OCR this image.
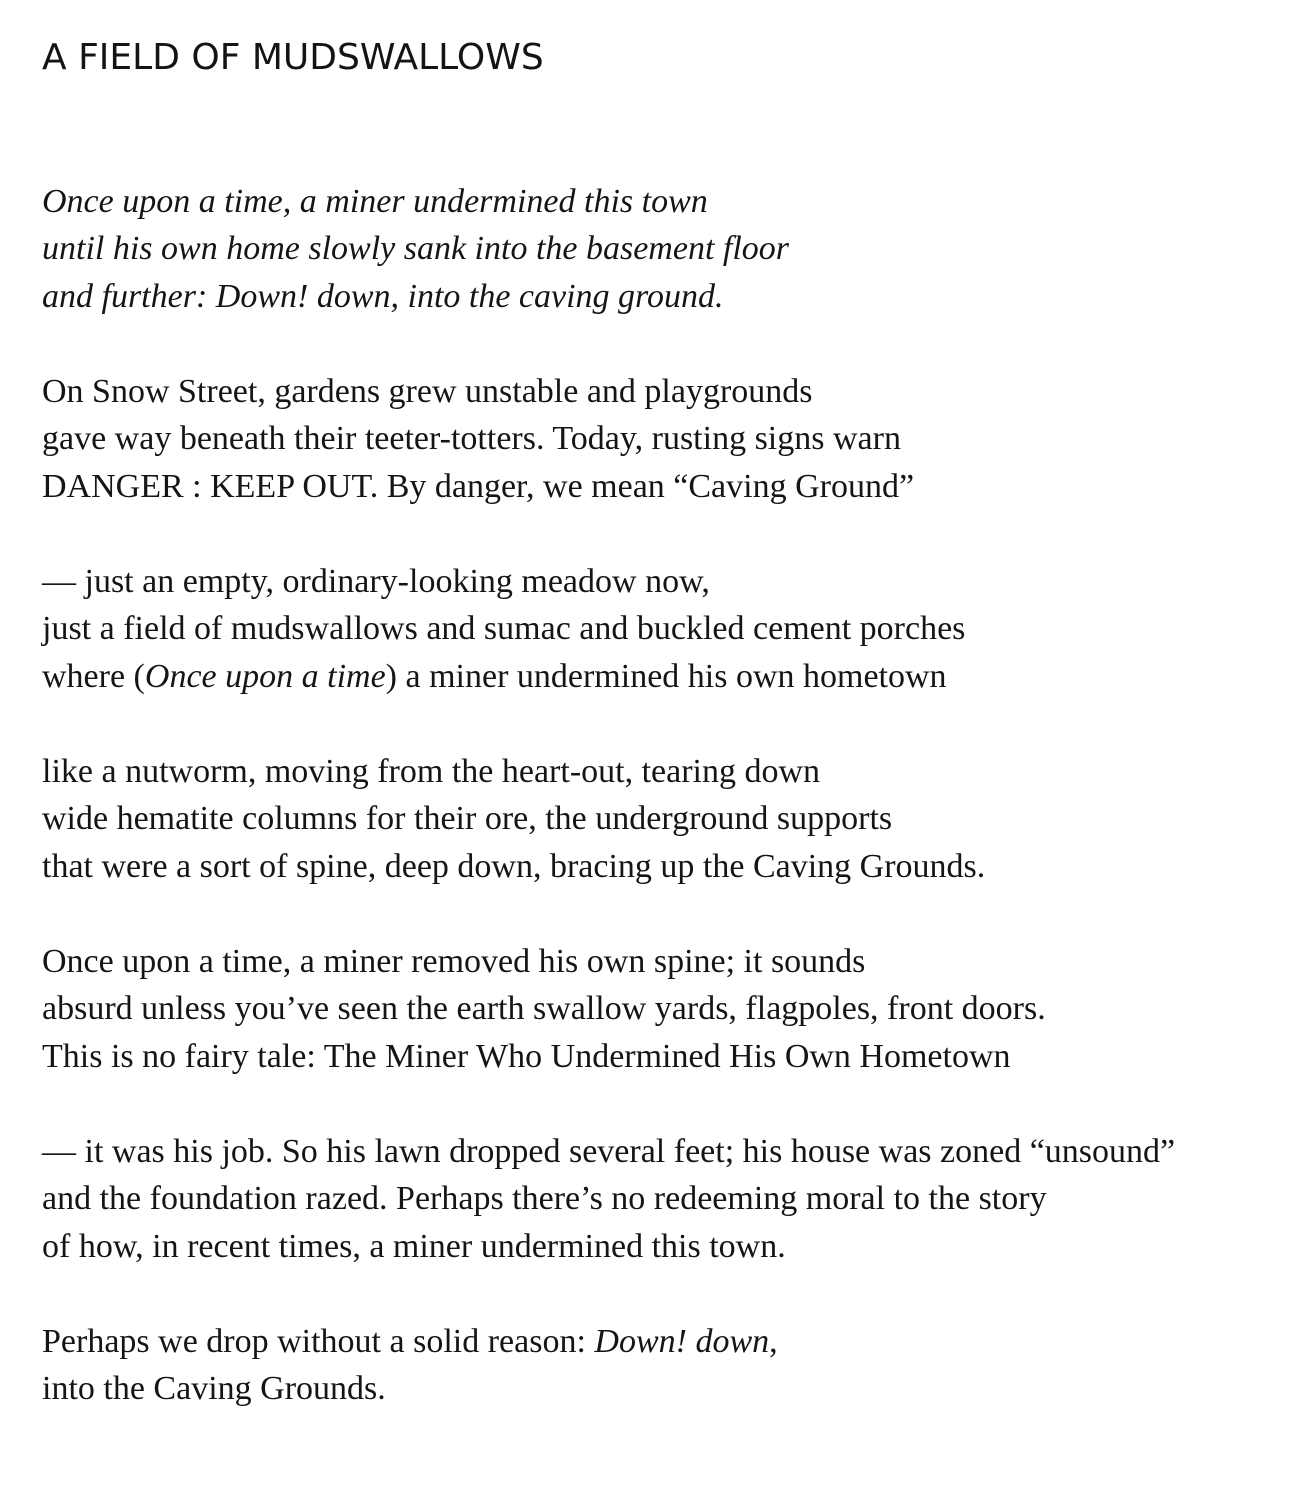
A FIELD OF MUDSWALLOWS

Once upon a time, a miner undermined this town
until his own home slowly sank into the basement floor
and further: Down! down, into the caving ground.

On Snow Street, gardens grew unstable and playgrounds
gave way beneath their teeter-totters. Today, rusting signs warn
DANGER : KEEP OUT. By danger, we mean “Caving Ground”

— just an empty, ordinary-looking meadow now,
just a field of mudswallows and sumac and buckled cement porches
where (Once upon a time) a miner undermined his own hometown

like a nutworm, moving from the heart-out, tearing down
wide hematite columns for their ore, the underground supports
that were a sort of spine, deep down, bracing up the Caving Grounds.

Once upon a time, a miner removed his own spine; it sounds
absurd unless you’ve seen the earth swallow yards, flagpoles, front doors.
This is no fairy tale: The Miner Who Undermined His Own Hometown

— it was his job. So his lawn dropped several feet; his house was zoned “unsound”
and the foundation razed. Perhaps there’s no redeeming moral to the story
of how, in recent times, a miner undermined this town.

Perhaps we drop without a solid reason: Down! down,
into the Caving Grounds.
